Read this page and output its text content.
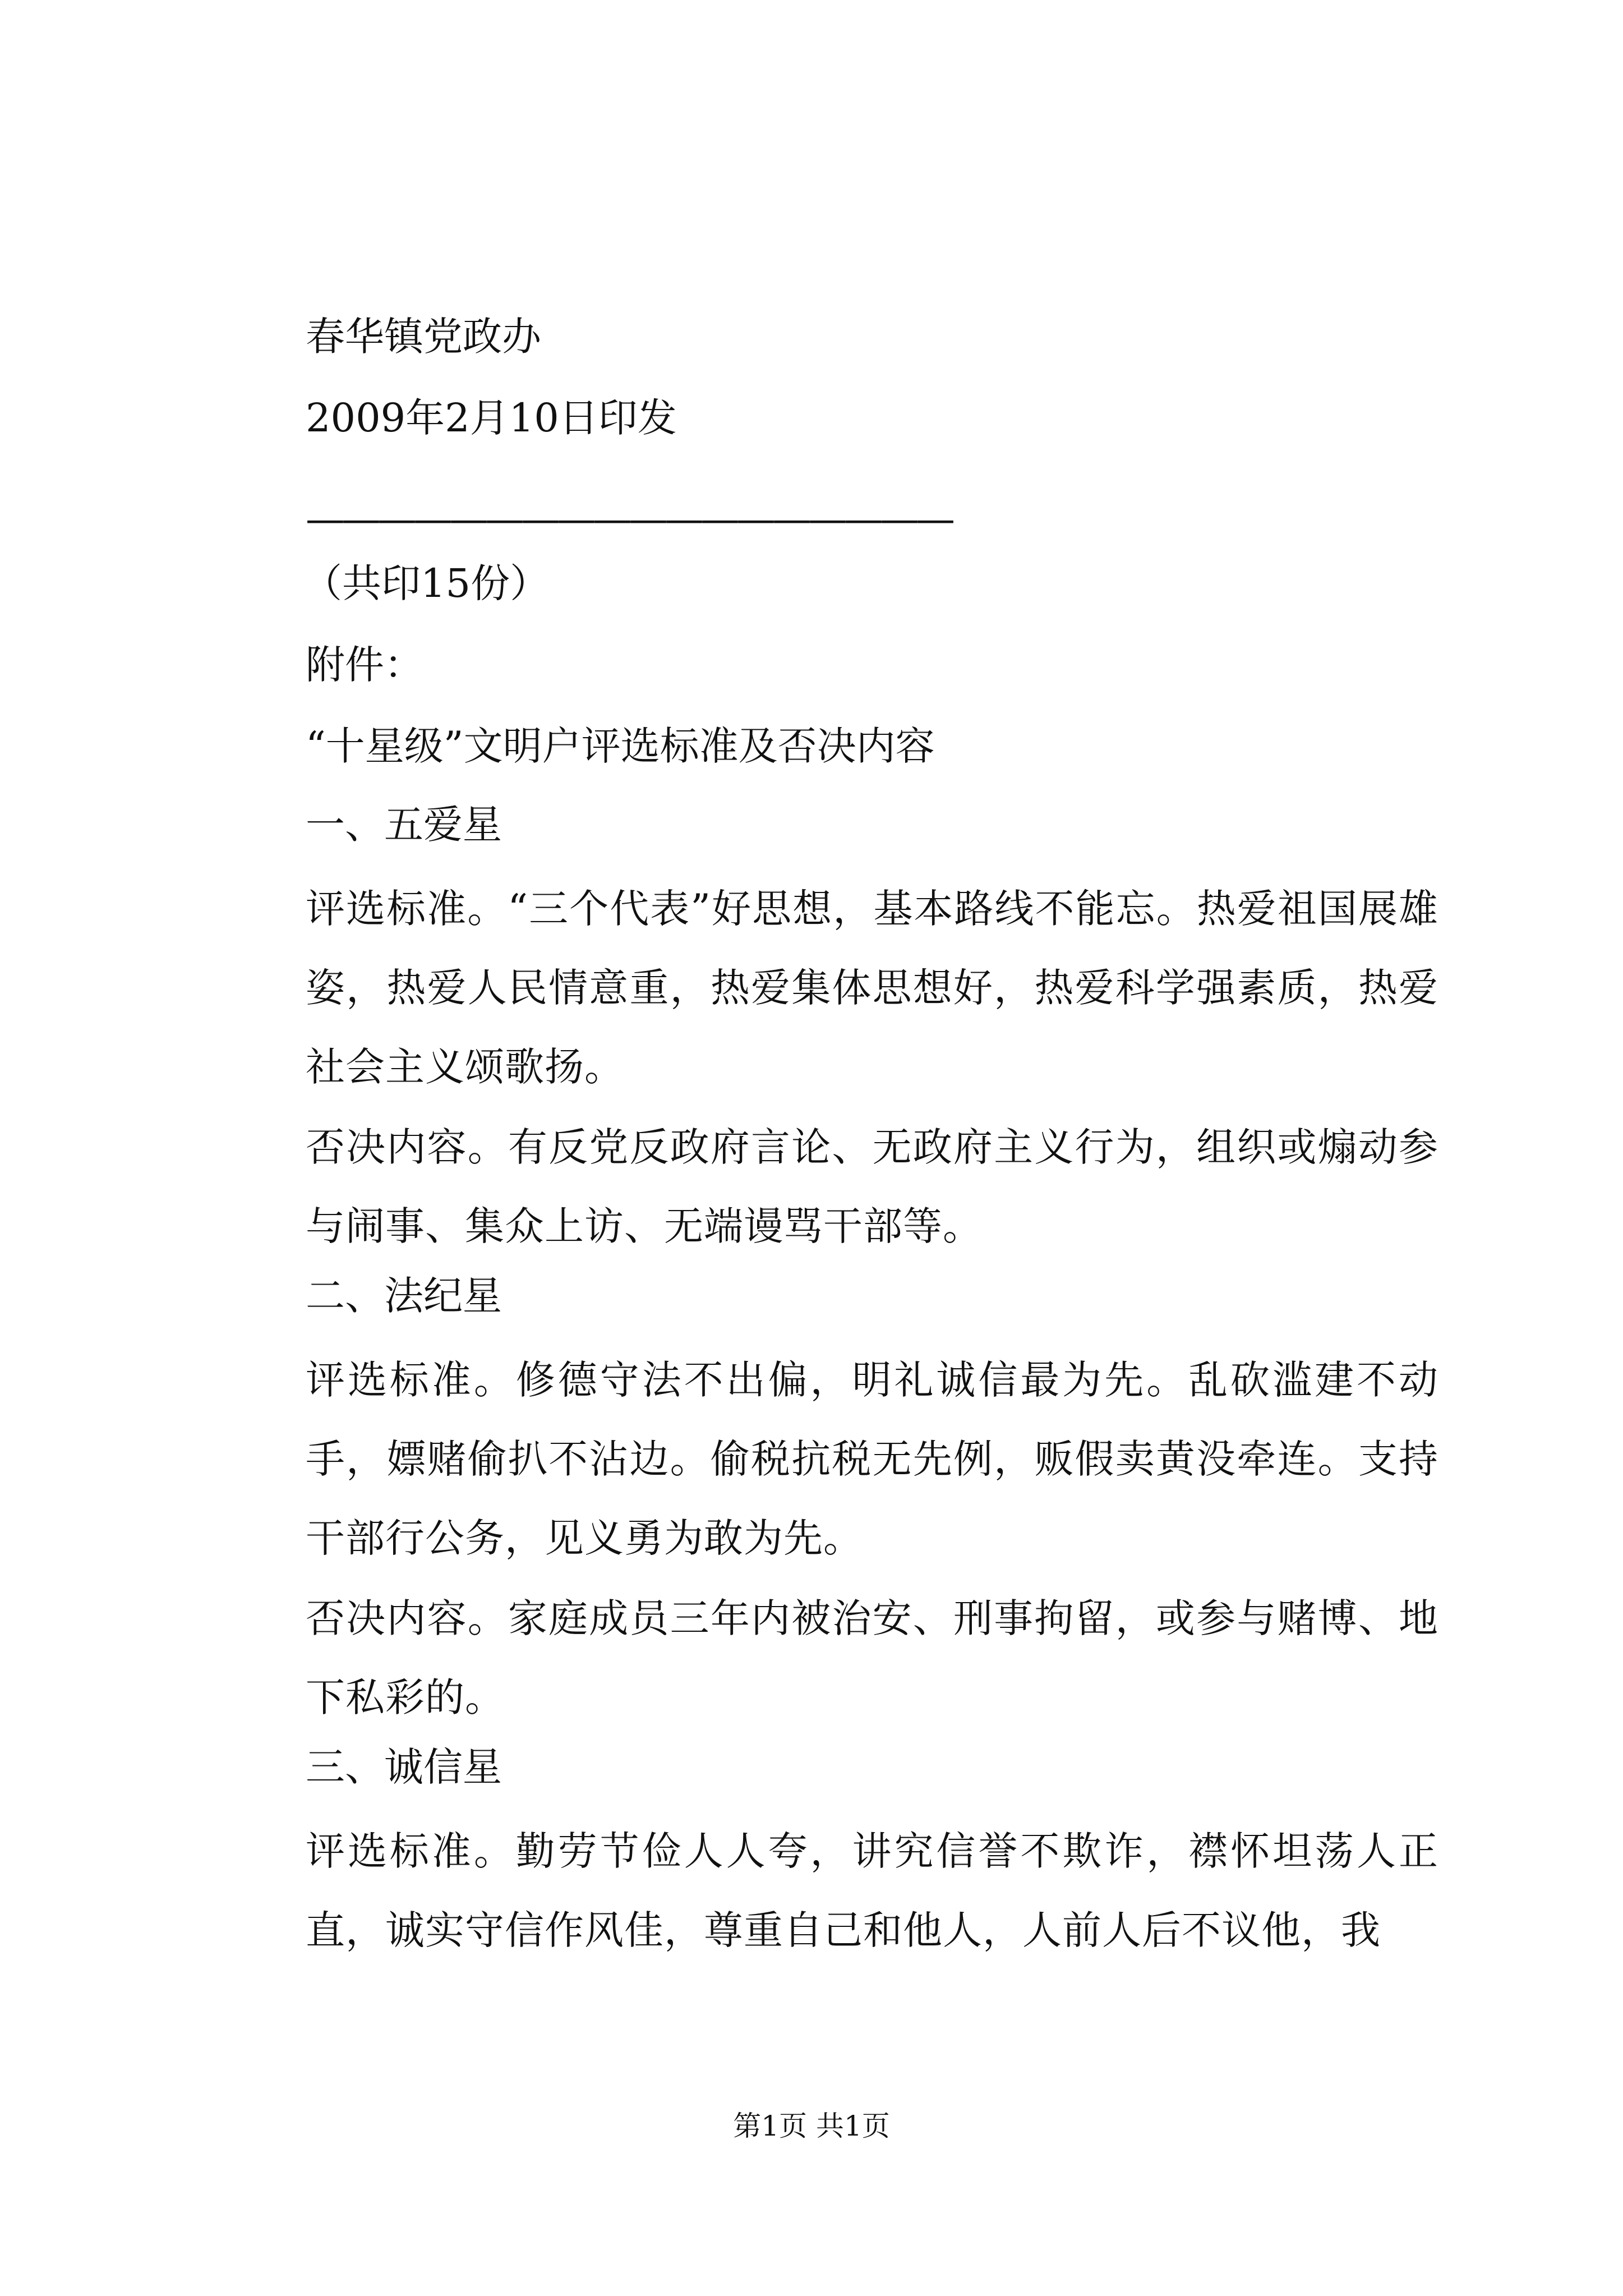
春华镇党政办
2009年2月10日印发
——————————————————
（共印15份）
附件：
“十星级”文明户评选标准及否决内容
一、五爱星
评选标准。“三个代表”好思想，基本路线不能忘。热爱祖国展雄姿，热爱人民情意重，热爱集体思想好，热爱科学强素质，热爱社会主义颂歌扬。
否决内容。有反党反政府言论、无政府主义行为，组织或煽动参与闹事、集众上访、无端谩骂干部等。
二、法纪星
评选标准。修德守法不出偏，明礼诚信最为先。乱砍滥建不动手，嫖赌偷扒不沾边。偷税抗税无先例，贩假卖黄没牵连。支持干部行公务，见义勇为敢为先。
否决内容。家庭成员三年内被治安、刑事拘留，或参与赌博、地下私彩的。
三、诚信星
评选标准。勤劳节俭人人夸，讲究信誉不欺诈，襟怀坦荡人正直，诚实守信作风佳，尊重自己和他人，人前人后不议他，我
第1页 共1页
